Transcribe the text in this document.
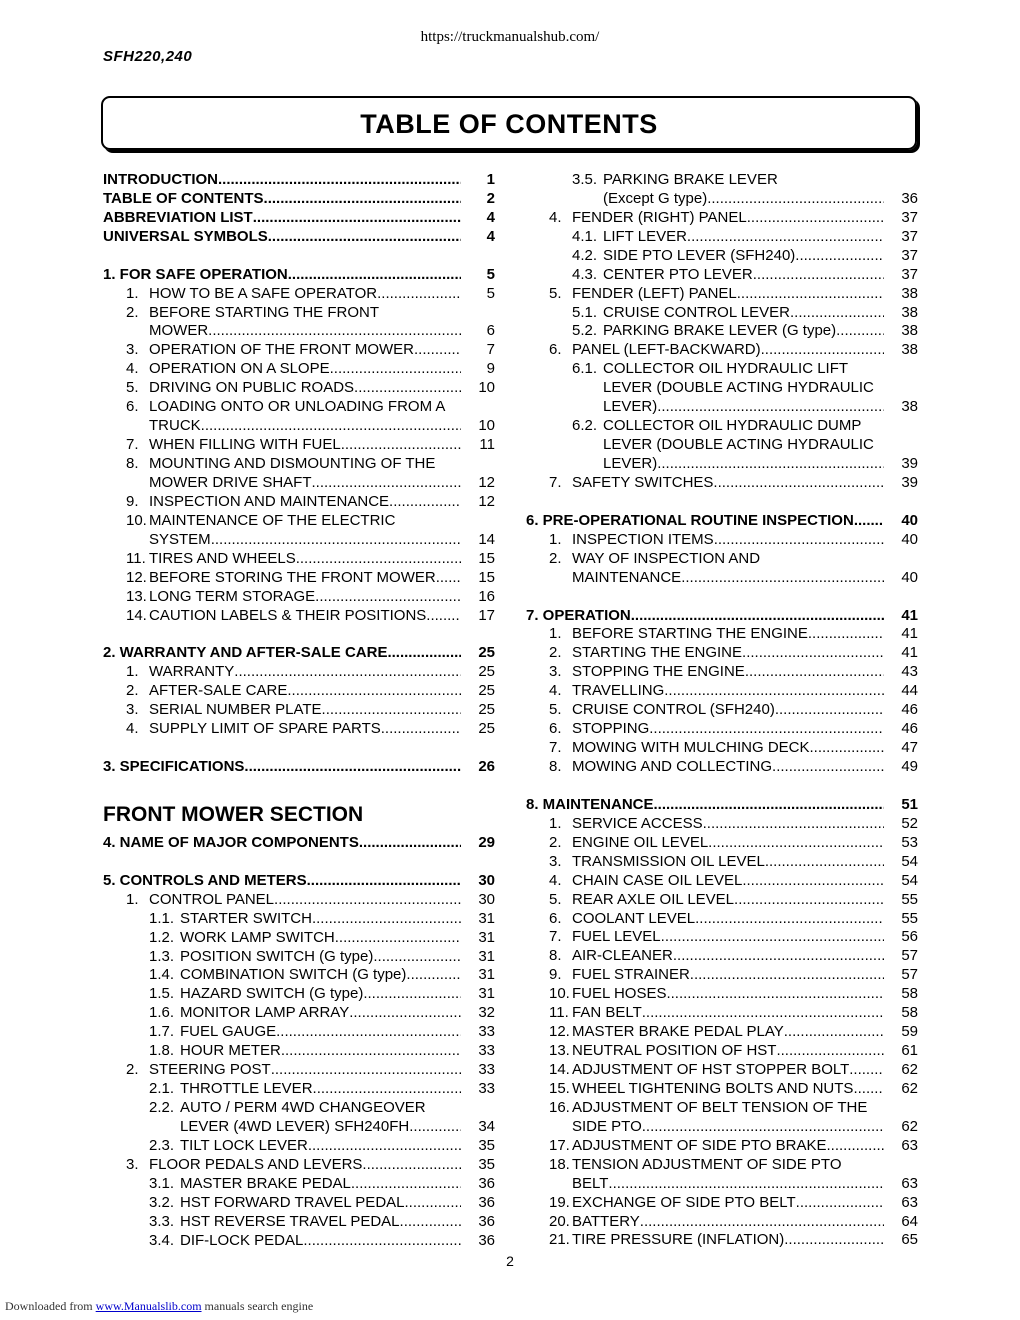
https://truckmanualshub.com/
SFH220,240
TABLE OF CONTENTS
INTRODUCTION .....	1
TABLE OF CONTENTS .....	2
ABBREVIATION LIST .....	4
UNIVERSAL SYMBOLS .....	4
1. FOR SAFE OPERATION .....	5
1. HOW TO BE A SAFE OPERATOR .....	5
2. BEFORE STARTING THE FRONT
MOWER .....	6
3. OPERATION OF THE FRONT MOWER .....	7
4. OPERATION ON A SLOPE .....	9
5. DRIVING ON PUBLIC ROADS .....	10
6. LOADING ONTO OR UNLOADING FROM A
TRUCK .....	10
7. WHEN FILLING WITH FUEL .....	11
8. MOUNTING AND DISMOUNTING OF THE
MOWER DRIVE SHAFT .....	12
9. INSPECTION AND MAINTENANCE .....	12
10. MAINTENANCE OF THE ELECTRIC
SYSTEM .....	14
11. TIRES AND WHEELS .....	15
12. BEFORE STORING THE FRONT MOWER .....	15
13. LONG TERM STORAGE .....	16
14. CAUTION LABELS & THEIR POSITIONS .....	17
2. WARRANTY AND AFTER-SALE CARE .....	25
1. WARRANTY .....	25
2. AFTER-SALE CARE .....	25
3. SERIAL NUMBER PLATE .....	25
4. SUPPLY LIMIT OF SPARE PARTS .....	25
3. SPECIFICATIONS .....	26
FRONT MOWER SECTION
4. NAME OF MAJOR COMPONENTS .....	29
5. CONTROLS AND METERS .....	30
1. CONTROL PANEL .....	30
1.1. STARTER SWITCH .....	31
1.2. WORK LAMP SWITCH .....	31
1.3. POSITION SWITCH (G type) .....	31
1.4. COMBINATION SWITCH (G type) .....	31
1.5. HAZARD SWITCH (G type) .....	31
1.6. MONITOR LAMP ARRAY .....	32
1.7. FUEL GAUGE .....	33
1.8. HOUR METER .....	33
2. STEERING POST .....	33
2.1. THROTTLE LEVER .....	33
2.2. AUTO / PERM 4WD CHANGEOVER
LEVER (4WD LEVER) SFH240FH .....	34
2.3. TILT LOCK LEVER .....	35
3. FLOOR PEDALS AND LEVERS .....	35
3.1. MASTER BRAKE PEDAL .....	36
3.2. HST FORWARD TRAVEL PEDAL .....	36
3.3. HST REVERSE TRAVEL PEDAL .....	36
3.4. DIF-LOCK PEDAL .....	36
3.5. PARKING BRAKE LEVER
(Except G type) .....	36
4. FENDER (RIGHT) PANEL .....	37
4.1. LIFT LEVER .....	37
4.2. SIDE PTO LEVER (SFH240) .....	37
4.3. CENTER PTO LEVER .....	37
5. FENDER (LEFT) PANEL .....	38
5.1. CRUISE CONTROL LEVER .....	38
5.2. PARKING BRAKE LEVER (G type) .....	38
6. PANEL (LEFT-BACKWARD) .....	38
6.1. COLLECTOR OIL HYDRAULIC LIFT
LEVER (DOUBLE ACTING HYDRAULIC
LEVER) .....	38
6.2. COLLECTOR OIL HYDRAULIC DUMP
LEVER (DOUBLE ACTING HYDRAULIC
LEVER) .....	39
7. SAFETY SWITCHES .....	39
6. PRE-OPERATIONAL ROUTINE INSPECTION .....	40
1. INSPECTION ITEMS .....	40
2. WAY OF INSPECTION AND
MAINTENANCE .....	40
7. OPERATION .....	41
1. BEFORE STARTING THE ENGINE .....	41
2. STARTING THE ENGINE .....	41
3. STOPPING THE ENGINE .....	43
4. TRAVELLING .....	44
5. CRUISE CONTROL (SFH240) .....	46
6. STOPPING .....	46
7. MOWING WITH MULCHING DECK .....	47
8. MOWING AND COLLECTING .....	49
8. MAINTENANCE .....	51
1. SERVICE ACCESS .....	52
2. ENGINE OIL LEVEL .....	53
3. TRANSMISSION OIL LEVEL .....	54
4. CHAIN CASE OIL LEVEL .....	54
5. REAR AXLE OIL LEVEL .....	55
6. COOLANT LEVEL .....	55
7. FUEL LEVEL .....	56
8. AIR-CLEANER .....	57
9. FUEL STRAINER .....	57
10. FUEL HOSES .....	58
11. FAN BELT .....	58
12. MASTER BRAKE PEDAL PLAY .....	59
13. NEUTRAL POSITION OF HST .....	61
14. ADJUSTMENT OF HST STOPPER BOLT .....	62
15. WHEEL TIGHTENING BOLTS AND NUTS .....	62
16. ADJUSTMENT OF BELT TENSION OF THE
SIDE PTO .....	62
17. ADJUSTMENT OF SIDE PTO BRAKE .....	63
18. TENSION ADJUSTMENT OF SIDE PTO
BELT .....	63
19. EXCHANGE OF SIDE PTO BELT .....	63
20. BATTERY .....	64
21. TIRE PRESSURE (INFLATION) .....	65
2
Downloaded from www.Manualslib.com manuals search engine
